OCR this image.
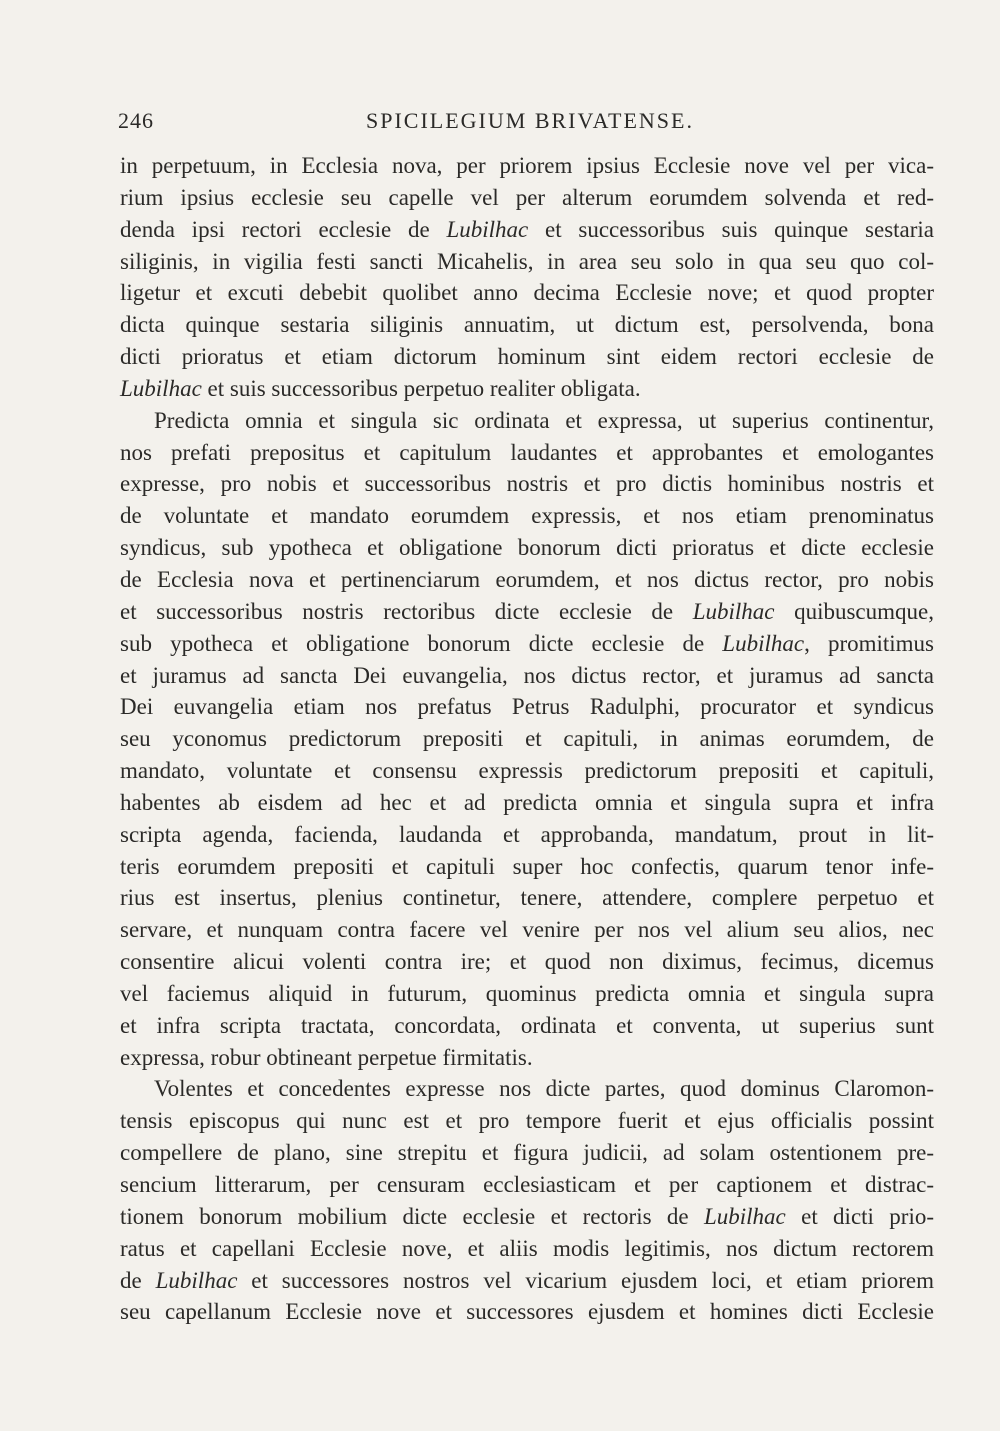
246	SPICILEGIUM BRIVATENSE.
in perpetuum, in Ecclesia nova, per priorem ipsius Ecclesie nove vel per vica-
rium ipsius ecclesie seu capelle vel per alterum eorumdem solvenda et red-
denda ipsi rectori ecclesie de Lubilhac et successoribus suis quinque sestaria
siliginis, in vigilia festi sancti Micahelis, in area seu solo in qua seu quo col-
ligetur et excuti debebit quolibet anno decima Ecclesie nove; et quod propter
dicta quinque sestaria siliginis annuatim, ut dictum est, persolvenda, bona
dicti prioratus et etiam dictorum hominum sint eidem rectori ecclesie de
Lubilhac et suis successoribus perpetuo realiter obligata.
Predicta omnia et singula sic ordinata et expressa, ut superius continentur,
nos prefati prepositus et capitulum laudantes et approbantes et emologantes
expresse, pro nobis et successoribus nostris et pro dictis hominibus nostris et
de voluntate et mandato eorumdem expressis, et nos etiam prenominatus
syndicus, sub ypotheca et obligatione bonorum dicti prioratus et dicte ecclesie
de Ecclesia nova et pertinenciarum eorumdem, et nos dictus rector, pro nobis
et successoribus nostris rectoribus dicte ecclesie de Lubilhac quibuscumque,
sub ypotheca et obligatione bonorum dicte ecclesie de Lubilhac, promitimus
et juramus ad sancta Dei euvangelia, nos dictus rector, et juramus ad sancta
Dei euvangelia etiam nos prefatus Petrus Radulphi, procurator et syndicus
seu yconomus predictorum prepositi et capituli, in animas eorumdem, de
mandato, voluntate et consensu expressis predictorum prepositi et capituli,
habentes ab eisdem ad hec et ad predicta omnia et singula supra et infra
scripta agenda, facienda, laudanda et approbanda, mandatum, prout in lit-
teris eorumdem prepositi et capituli super hoc confectis, quarum tenor infe-
rius est insertus, plenius continetur, tenere, attendere, complere perpetuo et
servare, et nunquam contra facere vel venire per nos vel alium seu alios, nec
consentire alicui volenti contra ire; et quod non diximus, fecimus, dicemus
vel faciemus aliquid in futurum, quominus predicta omnia et singula supra
et infra scripta tractata, concordata, ordinata et conventa, ut superius sunt
expressa, robur obtineant perpetue firmitatis.
Volentes et concedentes expresse nos dicte partes, quod dominus Claromon-
tensis episcopus qui nunc est et pro tempore fuerit et ejus officialis possint
compellere de plano, sine strepitu et figura judicii, ad solam ostentionem pre-
sencium litterarum, per censuram ecclesiasticam et per captionem et distrac-
tionem bonorum mobilium dicte ecclesie et rectoris de Lubilhac et dicti prio-
ratus et capellani Ecclesie nove, et aliis modis legitimis, nos dictum rectorem
de Lubilhac et successores nostros vel vicarium ejusdem loci, et etiam priorem
seu capellanum Ecclesie nove et successores ejusdem et homines dicti Ecclesie
